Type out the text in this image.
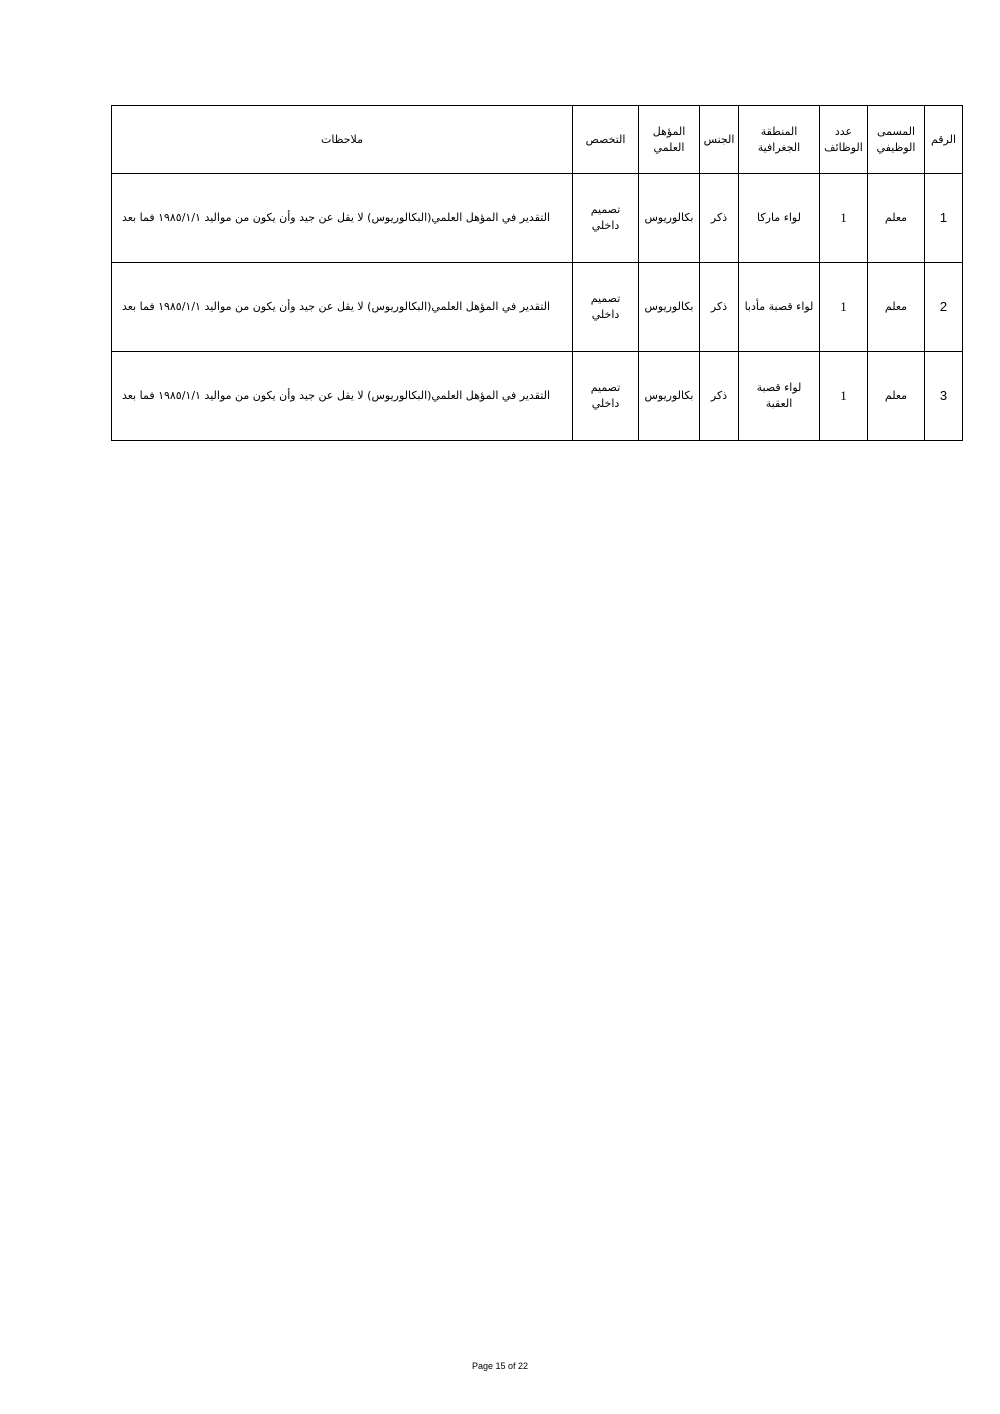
الرقم	المسمى الوظيفي	عدد الوظائف	المنطقة الجغرافية	الجنس	المؤهل العلمي	التخصص	ملاحظات
1	معلم	1	لواء ماركا	ذكر	بكالوريوس	تصميم داخلي	التقدير في المؤهل العلمي(البكالوريوس) لا يقل عن جيد وأن يكون من مواليد ١٩٨٥/١/١ فما بعد
2	معلم	1	لواء قصبة مأدبا	ذكر	بكالوريوس	تصميم داخلي	التقدير في المؤهل العلمي(البكالوريوس) لا يقل عن جيد وأن يكون من مواليد ١٩٨٥/١/١ فما بعد
3	معلم	1	لواء قصبة العقبة	ذكر	بكالوريوس	تصميم داخلي	التقدير في المؤهل العلمي(البكالوريوس) لا يقل عن جيد وأن يكون من مواليد ١٩٨٥/١/١ فما بعد
Page 15 of 22
